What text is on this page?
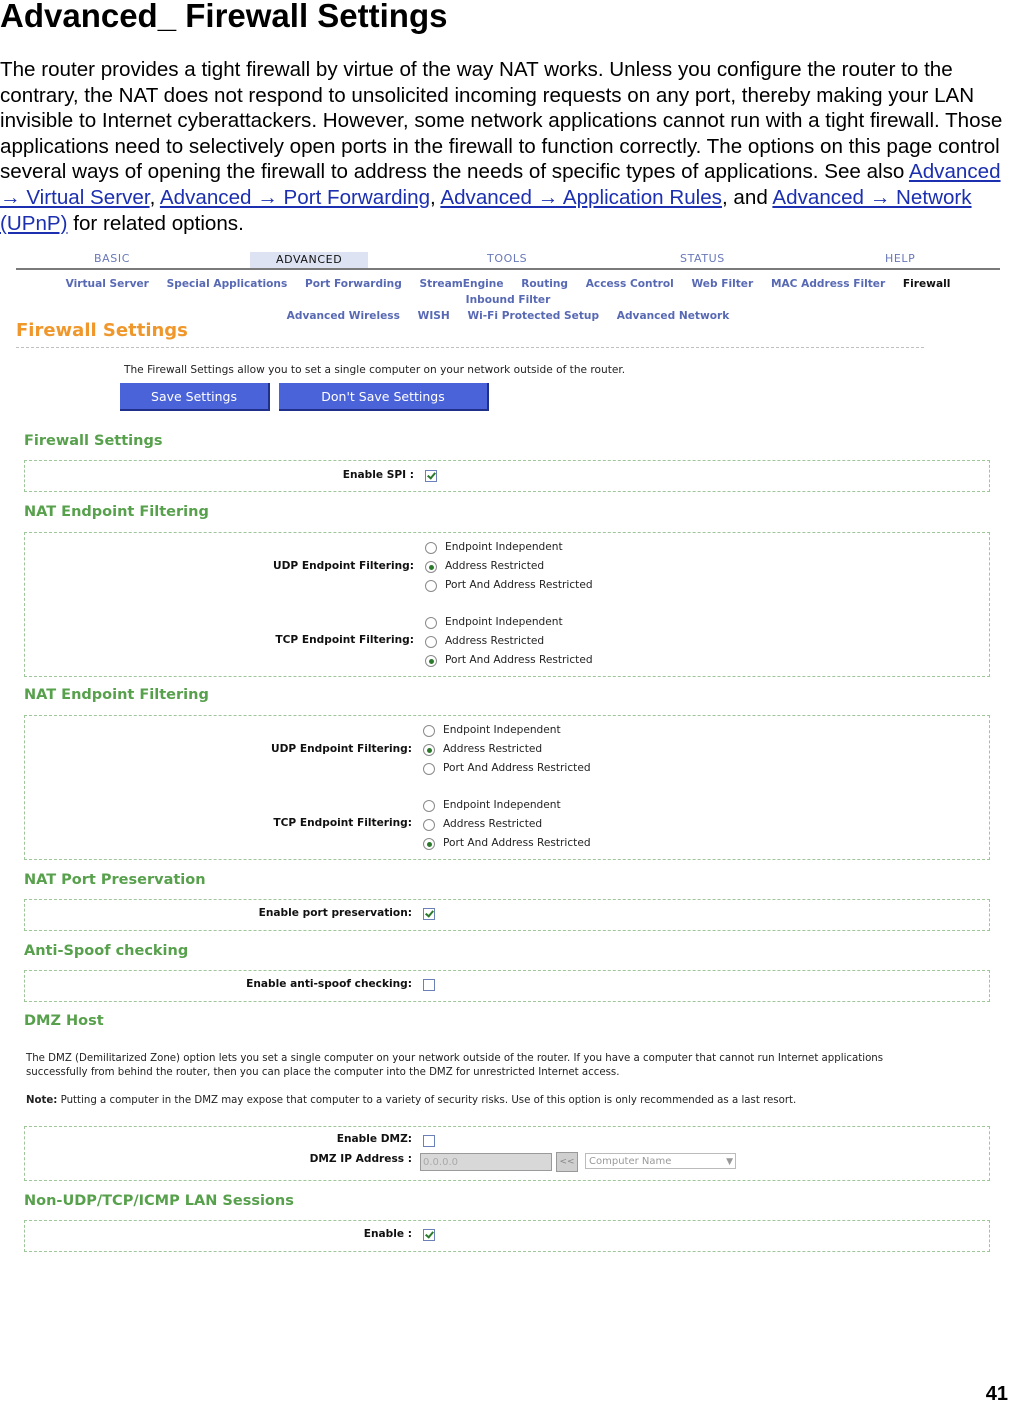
Advanced_ Firewall Settings

The router provides a tight firewall by virtue of the way NAT works. Unless you configure the router to the contrary, the NAT does not respond to unsolicited incoming requests on any port, thereby making your LAN invisible to Internet cyberattackers. However, some network applications cannot run with a tight firewall. Those applications need to selectively open ports in the firewall to function correctly. The options on this page control several ways of opening the firewall to address the needs of specific types of applications. See also Advanced → Virtual Server, Advanced → Port Forwarding, Advanced → Application Rules, and Advanced → Network (UPnP) for related options.

BASIC	ADVANCED	TOOLS	STATUS	HELP
Virtual Server Special Applications Port Forwarding StreamEngine Routing Access Control Web Filter MAC Address Filter Firewall Inbound Filter
Advanced Wireless WISH Wi-Fi Protected Setup Advanced Network
Firewall Settings
The Firewall Settings allow you to set a single computer on your network outside of the router.
Save Settings	Don't Save Settings
Firewall Settings
Enable SPI :
NAT Endpoint Filtering
UDP Endpoint Filtering:
Endpoint Independent
Address Restricted
Port And Address Restricted
TCP Endpoint Filtering:
Endpoint Independent
Address Restricted
Port And Address Restricted
NAT Endpoint Filtering
UDP Endpoint Filtering:
Endpoint Independent
Address Restricted
Port And Address Restricted
TCP Endpoint Filtering:
Endpoint Independent
Address Restricted
Port And Address Restricted
NAT Port Preservation
Enable port preservation:
Anti-Spoof checking
Enable anti-spoof checking:
DMZ Host
The DMZ (Demilitarized Zone) option lets you set a single computer on your network outside of the router. If you have a computer that cannot run Internet applications
successfully from behind the router, then you can place the computer into the DMZ for unrestricted Internet access.
Note: Putting a computer in the DMZ may expose that computer to a variety of security risks. Use of this option is only recommended as a last resort.
Enable DMZ:
DMZ IP Address :
0.0.0.0	<<	Computer Name	▼
Non-UDP/TCP/ICMP LAN Sessions
Enable :
41
